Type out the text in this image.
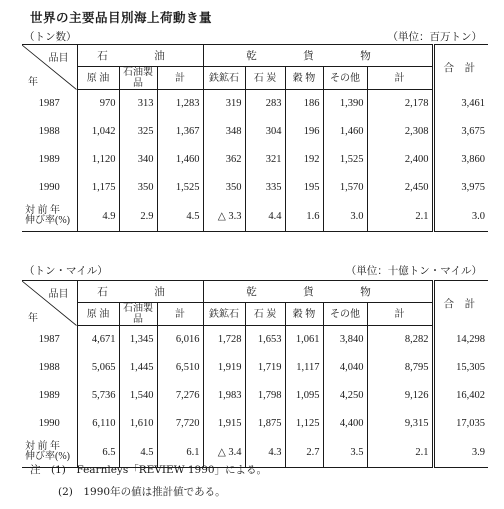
世界の主要品目別海上荷動き量
（トン数）	（単位：百万トン）
品目
年	石　油			乾　貨　物					合 計
	原 油	石油製品	計	鉄鉱石	石 炭	穀 物	その他	計	
1987	970	313	1,283	319	283	186	1,390	2,178	3,461
1988	1,042	325	1,367	348	304	196	1,460	2,308	3,675
1989	1,120	340	1,460	362	321	192	1,525	2,400	3,860
1990	1,175	350	1,525	350	335	195	1,570	2,450	3,975

対 前 年
伸び率(%)	4.9	2.9	4.5	△ 3.3	4.4	1.6	3.0	2.1	3.0
（トン・マイル）	（単位：十億トン・マイル）
品目
年	石　油			乾　貨　物					合 計
	原 油	石油製品	計	鉄鉱石	石 炭	穀 物	その他	計	
1987	4,671	1,345	6,016	1,728	1,653	1,061	3,840	8,282	14,298
1988	5,065	1,445	6,510	1,919	1,719	1,117	4,040	8,795	15,305
1989	5,736	1,540	7,276	1,983	1,798	1,095	4,250	9,126	16,402
1990	6,110	1,610	7,720	1,915	1,875	1,125	4,400	9,315	17,035

対 前 年
伸び率(%)	6.5	4.5	6.1	△ 3.4	4.3	2.7	3.5	2.1	3.9
注　(1)　Fearnleys「REVIEW 1990」による。
(2)　1990年の値は推計値である。
